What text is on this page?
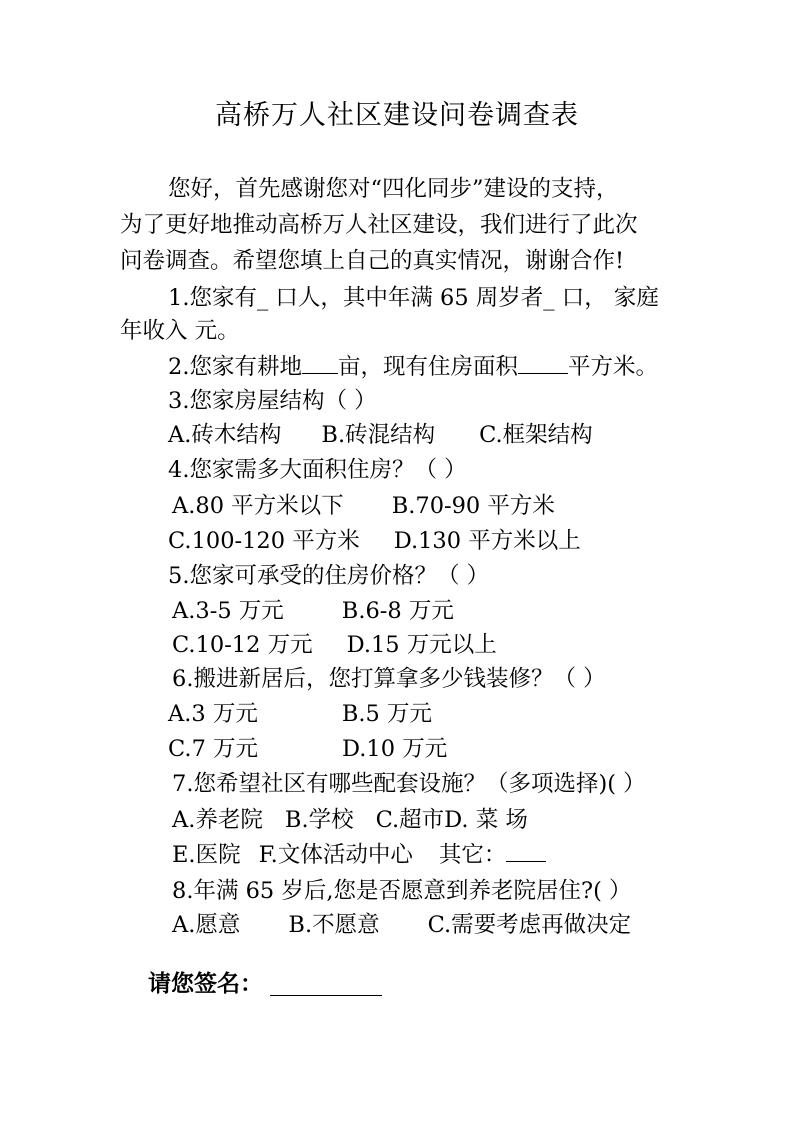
高桥万人社区建设问卷调查表
您好，首先感谢您对“四化同步”建设的支持，
为了更好地推动高桥万人社区建设，我们进行了此次
问卷调查。希望您填上自己的真实情况，谢谢合作!
1.您家有_ 口人，其中年满 65 周岁者_ 口， 家庭
年收入 元。
2.您家有耕地 亩，现有住房面积 平方米。
3.您家房屋结构（ ）
A.砖木结构 B.砖混结构 C.框架结构
4.您家需多大面积住房？（ ）
A.80 平方米以下 B.70-90 平方米
C.100-120 平方米 D.130 平方米以上
5.您家可承受的住房价格？（ ）
A.3-5 万元	B.6-8 万元
C.10-12 万元 D.15 万元以上
6.搬进新居后，您打算拿多少钱装修？（ ）
A.3 万元	B.5 万元
C.7 万元	D.10 万元
7.您希望社区有哪些配套设施？（多项选择)( ）
A.养老院 B.学校 C.超市D. 菜 场
E.医院 F.文体活动中心 其它：
8.年满 65 岁后,您是否愿意到养老院居住?( ）
A.愿意 B.不愿意 C.需要考虑再做决定
请您签名：
